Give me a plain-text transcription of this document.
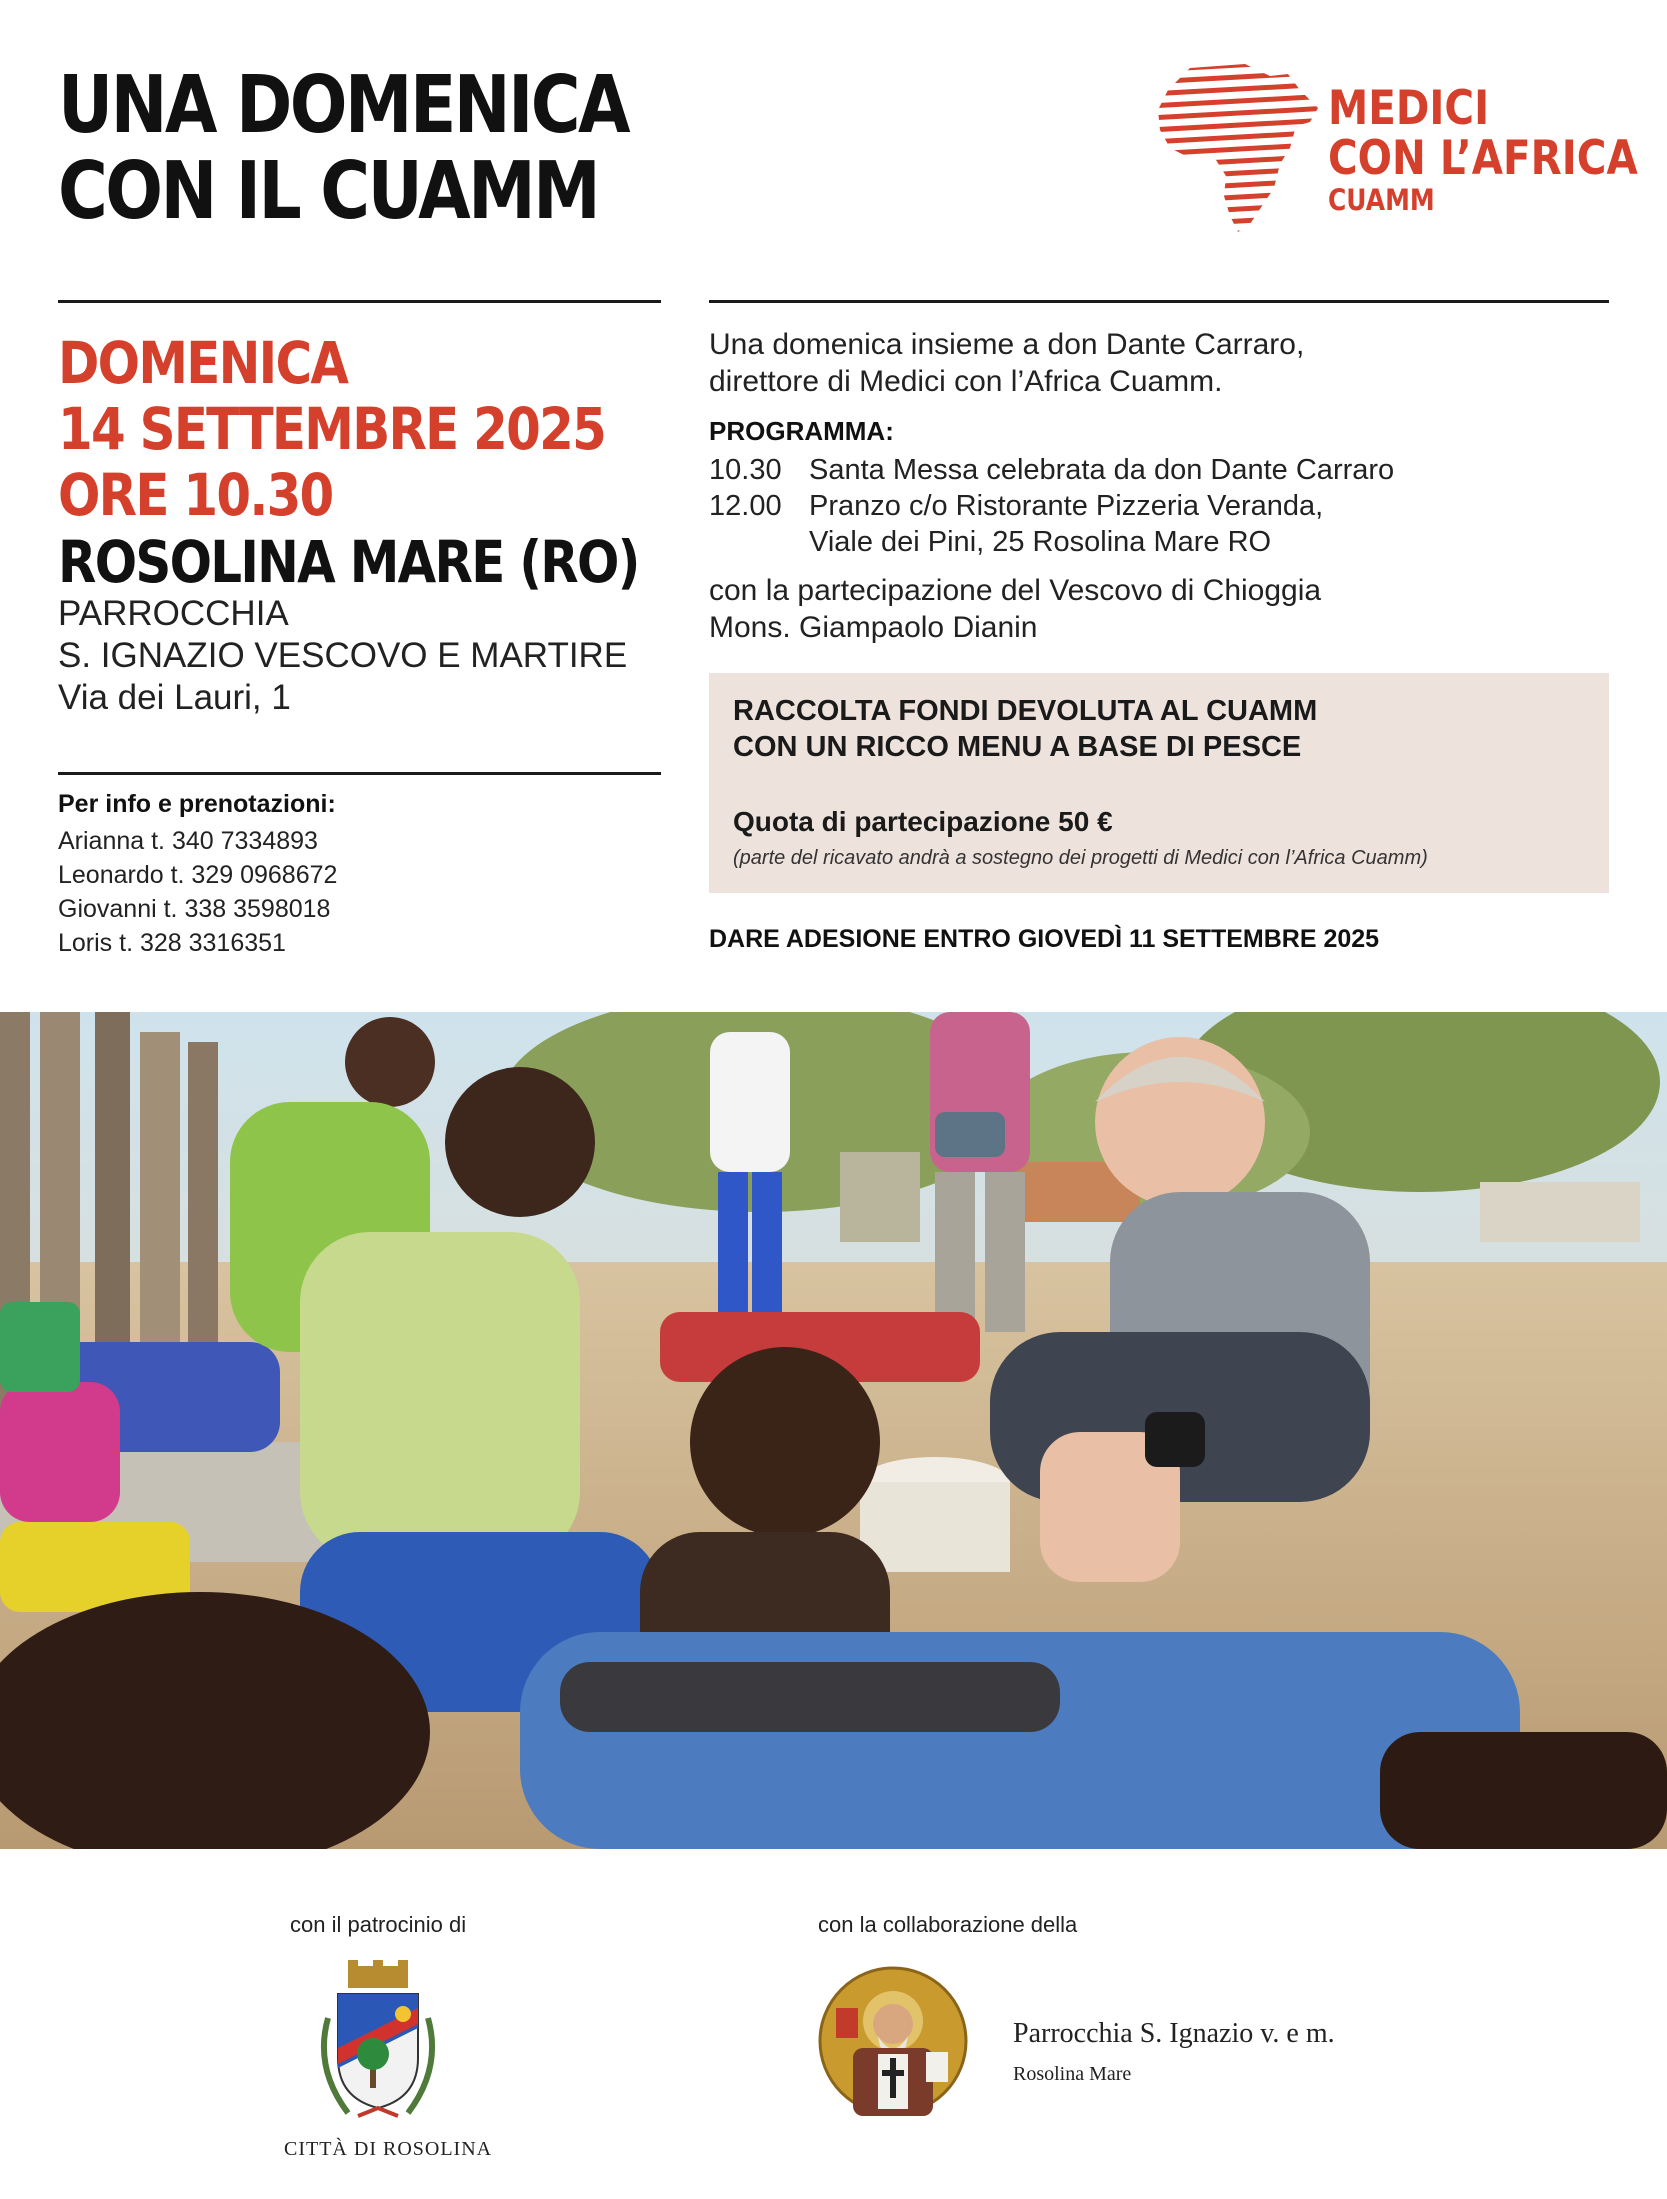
UNA DOMENICA
CON IL CUAMM
MEDICI
CON L’AFRICA
CUAMM
DOMENICA
14 SETTEMBRE 2025
ORE 10.30
ROSOLINA MARE (RO)
PARROCCHIA
S. IGNAZIO VESCOVO E MARTIRE
Via dei Lauri, 1
Per info e prenotazioni:
Arianna t. 340 7334893
Leonardo t. 329 0968672
Giovanni t. 338 3598018
Loris t. 328 3316351
Una domenica insieme a don Dante Carraro,
direttore di Medici con l’Africa Cuamm.
PROGRAMMA:
10.30 Santa Messa celebrata da don Dante Carraro
12.00 Pranzo c/o Ristorante Pizzeria Veranda,
Viale dei Pini, 25 Rosolina Mare RO
con la partecipazione del Vescovo di Chioggia
Mons. Giampaolo Dianin
RACCOLTA FONDI DEVOLUTA AL CUAMM
CON UN RICCO MENU A BASE DI PESCE
Quota di partecipazione 50 €
(parte del ricavato andrà a sostegno dei progetti di Medici con l’Africa Cuamm)
DARE ADESIONE ENTRO GIOVEDÌ 11 SETTEMBRE 2025
con il patrocinio di
CITTÀ DI ROSOLINA
con la collaborazione della
Parrocchia S. Ignazio v. e m.
Rosolina Mare
